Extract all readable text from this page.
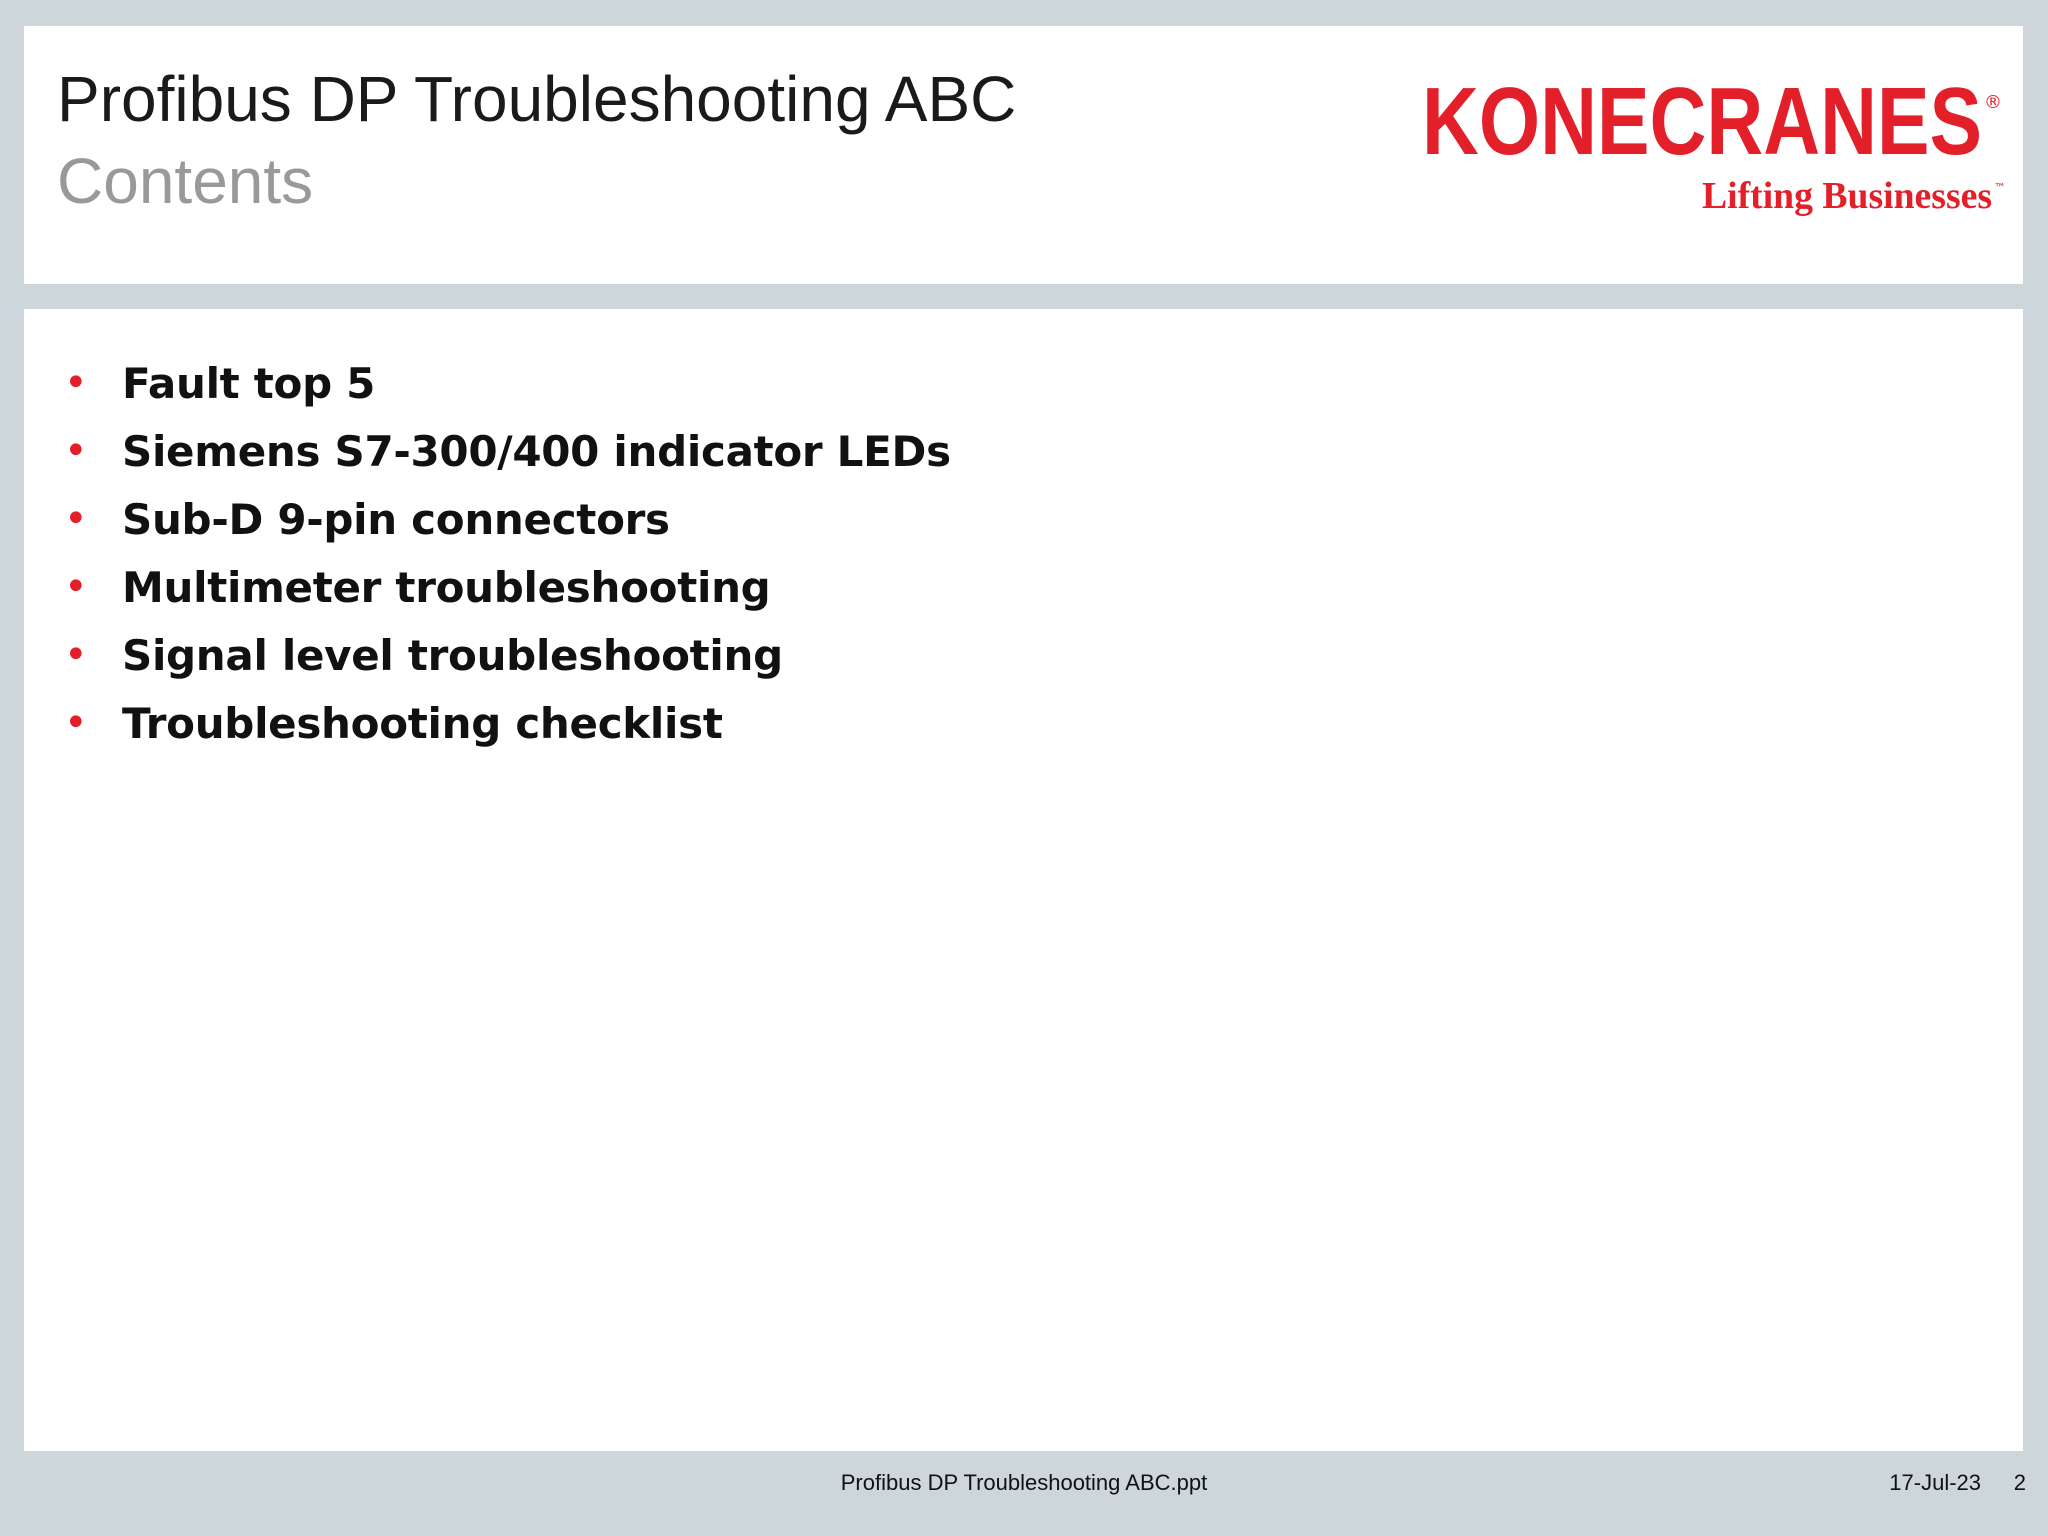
Profibus DP Troubleshooting ABC
Contents
KONECRANES ®
Lifting Businesses ™
• Fault top 5
• Siemens S7-300/400 indicator LEDs
• Sub-D 9-pin connectors
• Multimeter troubleshooting
• Signal level troubleshooting
• Troubleshooting checklist
Profibus DP Troubleshooting ABC.ppt	17-Jul-23 2
